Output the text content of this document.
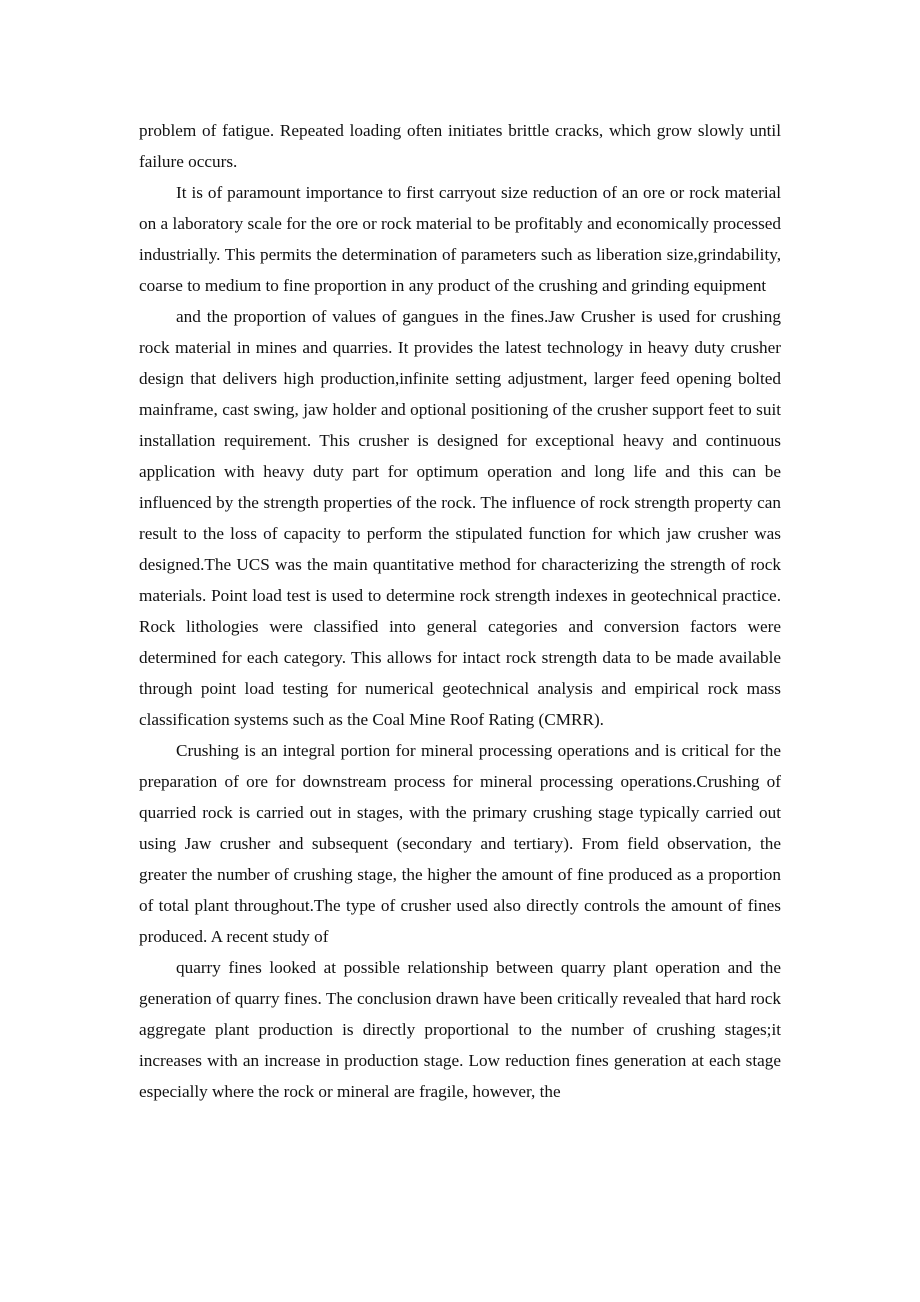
problem of fatigue. Repeated loading often initiates brittle cracks, which grow slowly until failure occurs.

It is of paramount importance to first carryout size reduction of an ore or rock material on a laboratory scale for the ore or rock material to be profitably and economically processed industrially. This permits the determination of parameters such as liberation size,grindability, coarse to medium to fine proportion in any product of the crushing and grinding equipment

and the proportion of values of gangues in the fines.Jaw Crusher is used for crushing rock material in mines and quarries. It provides the latest technology in heavy duty crusher design that delivers high production,infinite setting adjustment, larger feed opening bolted mainframe, cast swing, jaw holder and optional positioning of the crusher support feet to suit installation requirement. This crusher is designed for exceptional heavy and continuous application with heavy duty part for optimum operation and long life and this can be influenced by the strength properties of the rock. The influence of rock strength property can result to the loss of capacity to perform the stipulated function for which jaw crusher was designed.The UCS was the main quantitative method for characterizing the strength of rock materials. Point load test is used to determine rock strength indexes in geotechnical practice. Rock lithologies were classified into general categories and conversion factors were determined for each category. This allows for intact rock strength data to be made available through point load testing for numerical geotechnical analysis and empirical rock mass classification systems such as the Coal Mine Roof Rating (CMRR).

Crushing is an integral portion for mineral processing operations and is critical for the preparation of ore for downstream process for mineral processing operations.Crushing of quarried rock is carried out in stages, with the primary crushing stage typically carried out using Jaw crusher and subsequent (secondary and tertiary). From field observation, the greater the number of crushing stage, the higher the amount of fine produced as a proportion of total plant throughout.The type of crusher used also directly controls the amount of fines produced. A recent study of

quarry fines looked at possible relationship between quarry plant operation and the generation of quarry fines. The conclusion drawn have been critically revealed that hard rock aggregate plant production is directly proportional to the number of crushing stages;it increases with an increase in production stage. Low reduction fines generation at each stage especially where the rock or mineral are fragile, however, the
